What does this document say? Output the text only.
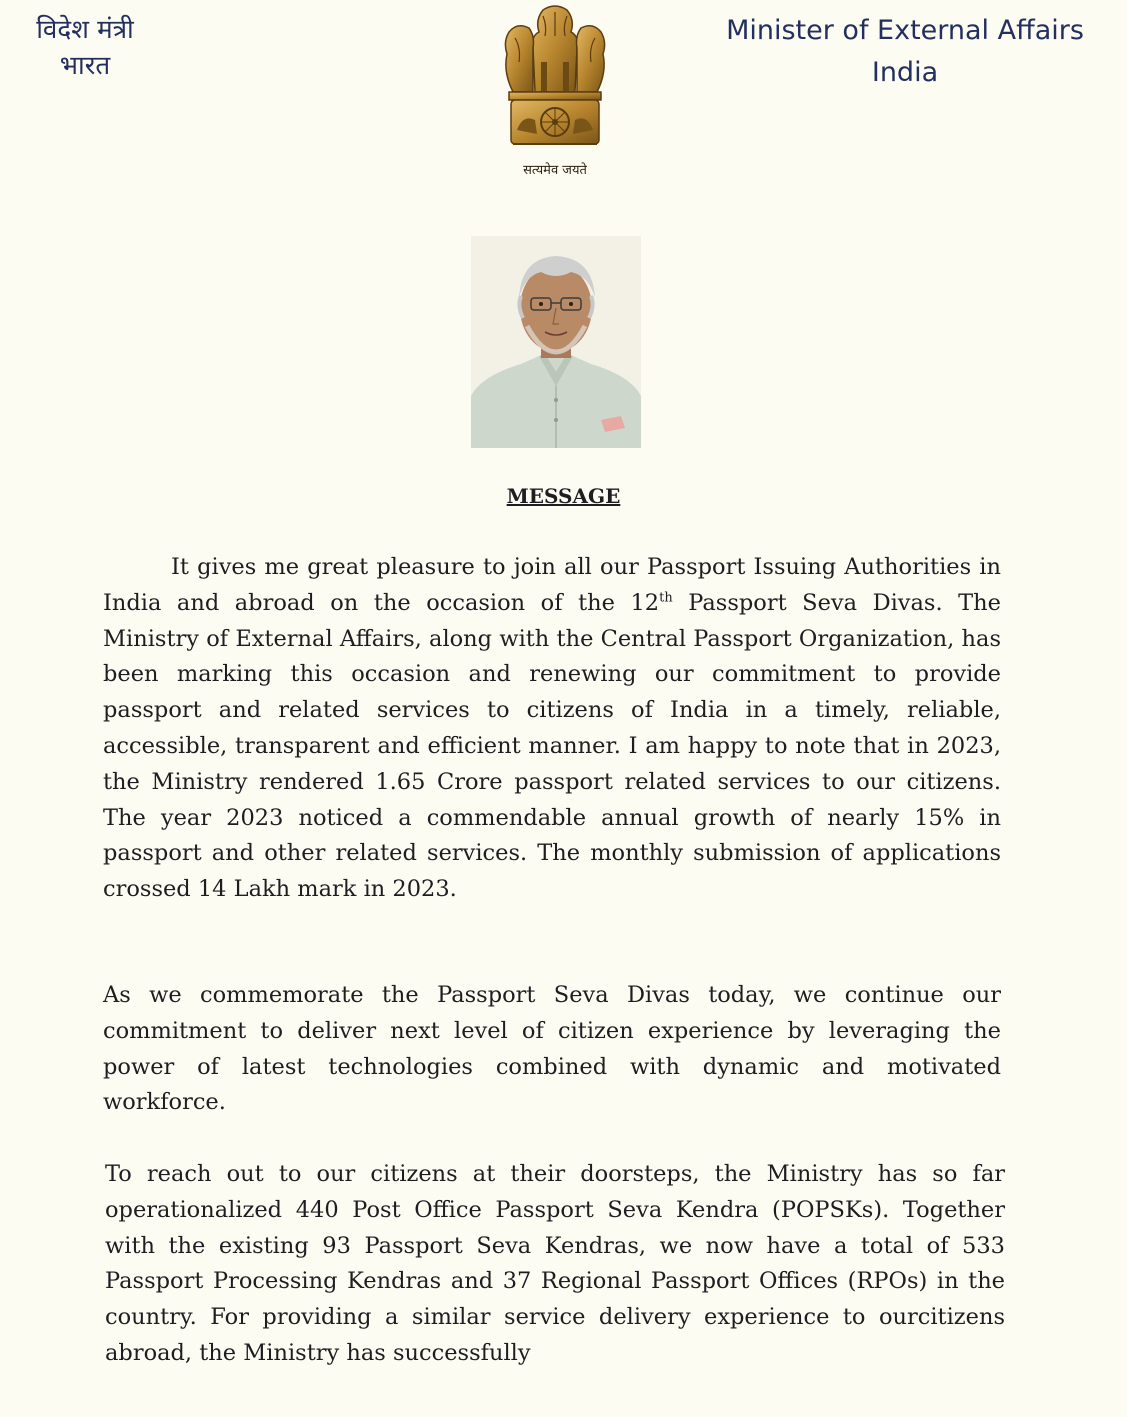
विदेश मंत्री
भारत
Minister of External Affairs
India
सत्यमेव जयते
MESSAGE
It gives me great pleasure to join all our Passport Issuing Authorities in India and abroad on the occasion of the 12th Passport Seva Divas. The Ministry of External Affairs, along with the Central Passport Organization, has been marking this occasion and renewing our commitment to provide passport and related services to citizens of India in a timely, reliable, accessible, transparent and efficient manner. I am happy to note that in 2023, the Ministry rendered 1.65 Crore passport related services to our citizens. The year 2023 noticed a commendable annual growth of nearly 15% in passport and other related services. The monthly submission of applications crossed 14 Lakh mark in 2023.
As we commemorate the Passport Seva Divas today, we continue our commitment to deliver next level of citizen experience by leveraging the power of latest technologies combined with dynamic and motivated workforce.
To reach out to our citizens at their doorsteps, the Ministry has so far operationalized 440 Post Office Passport Seva Kendra (POPSKs). Together with the existing 93 Passport Seva Kendras, we now have a total of 533 Passport Processing Kendras and 37 Regional Passport Offices (RPOs) in the country. For providing a similar service delivery experience to ourcitizens abroad, the Ministry has successfully
